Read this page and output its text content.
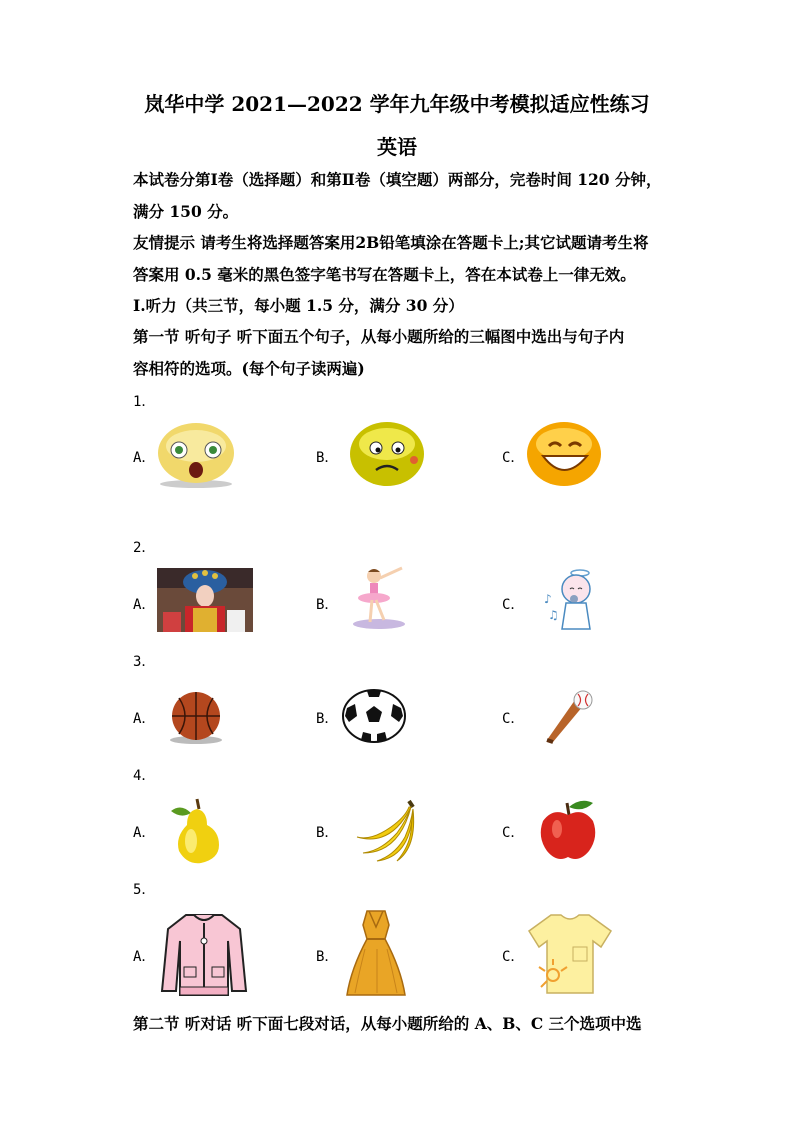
岚华中学 2021—2022 学年九年级中考模拟适应性练习
英语
本试卷分第Ⅰ卷（选择题）和第Ⅱ卷（填空题）两部分，完卷时间 120 分钟，
满分 150 分。
友情提示 请考生将选择题答案用2B铅笔填涂在答题卡上;其它试题请考生将
答案用 0.5 毫米的黑色签字笔书写在答题卡上，答在本试卷上一律无效。
Ⅰ.听力（共三节，每小题 1.5 分，满分 30 分）
第一节 听句子 听下面五个句子，从每小题所给的三幅图中选出与句子内
容相符的选项。(每个句子读两遍)
1．
A．	B．	C．
2．
A．	B．	C． ♪
♫
3．
A．	B．	C．
4．
A．	B．	C．
5．
A．	B．	C．
第二节 听对话 听下面七段对话，从每小题所给的 A、B、C 三个选项中选
